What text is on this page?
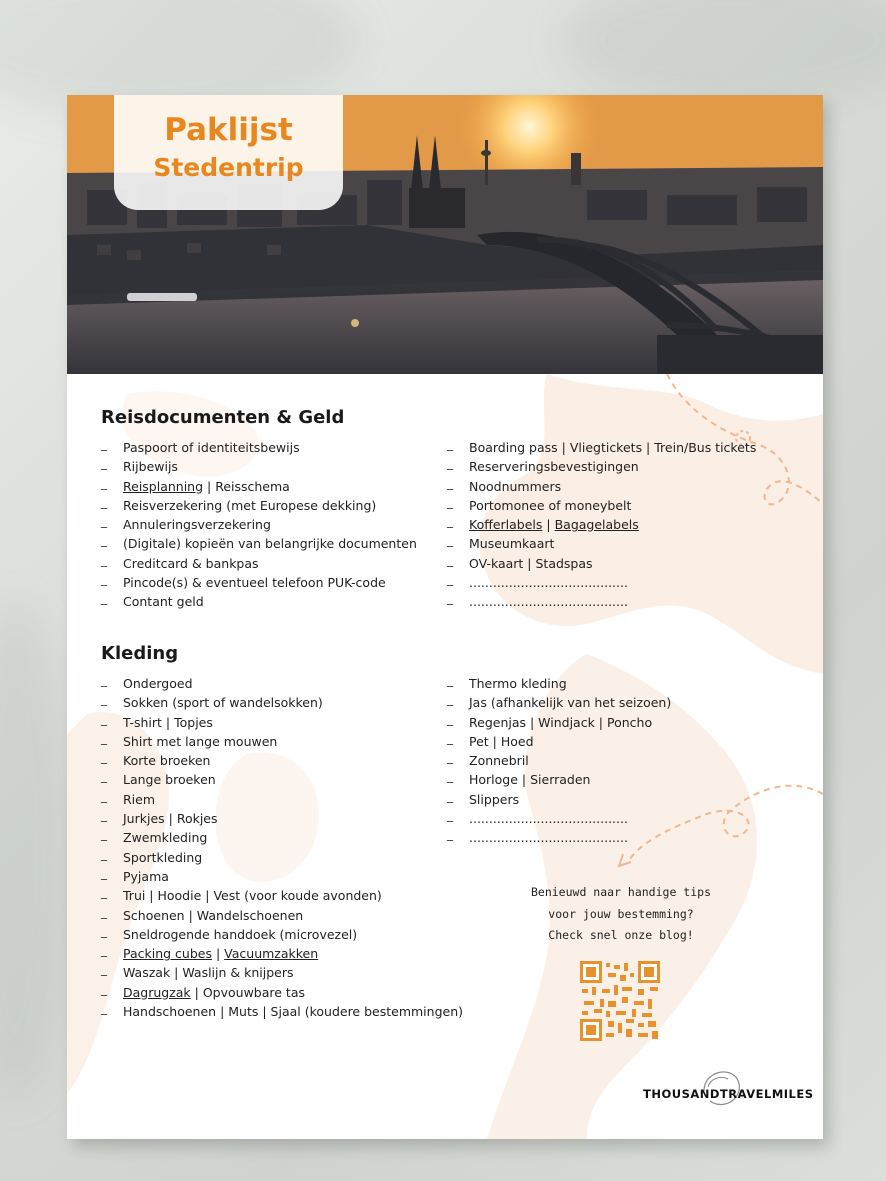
Paklijst
Stedentrip
Reisdocumenten & Geld
_ Paspoort of identiteitsbewijs
_ Rijbewijs
_ Reisplanning | Reisschema
_ Reisverzekering (met Europese dekking)
_ Annuleringsverzekering
_ (Digitale) kopieën van belangrijke documenten
_ Creditcard & bankpas
_ Pincode(s) & eventueel telefoon PUK-code
_ Contant geld
_ Boarding pass | Vliegtickets | Trein/Bus tickets
_ Reserveringsbevestigingen
_ Noodnummers
_ Portomonee of moneybelt
_ Kofferlabels | Bagagelabels
_ Museumkaart
_ OV-kaart | Stadspas
_ ........................................
_ ........................................
Kleding
_ Ondergoed
_ Sokken (sport of wandelsokken)
_ T-shirt | Topjes
_ Shirt met lange mouwen
_ Korte broeken
_ Lange broeken
_ Riem
_ Jurkjes | Rokjes
_ Zwemkleding
_ Sportkleding
_ Pyjama
_ Trui | Hoodie | Vest (voor koude avonden)
_ Schoenen | Wandelschoenen
_ Sneldrogende handdoek (microvezel)
_ Packing cubes | Vacuumzakken
_ Waszak | Waslijn & knijpers
_ Dagrugzak | Opvouwbare tas
_ Handschoenen | Muts | Sjaal (koudere bestemmingen)
_ Thermo kleding
_ Jas (afhankelijk van het seizoen)
_ Regenjas | Windjack | Poncho
_ Pet | Hoed
_ Zonnebril
_ Horloge | Sierraden
_ Slippers
_ ........................................
_ ........................................
Benieuwd naar handige tips
voor jouw bestemming?
Check snel onze blog!
THOUSANDTRAVELMILES
